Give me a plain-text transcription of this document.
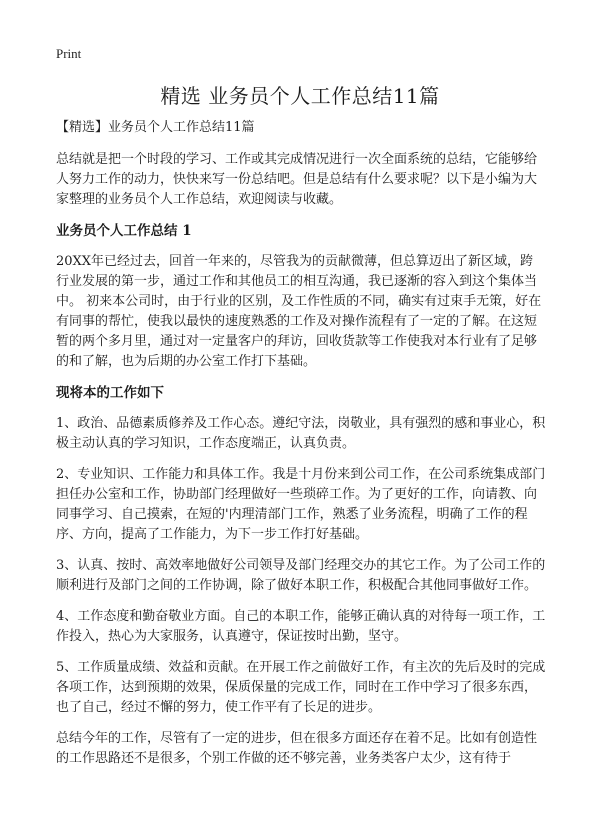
Print
精选 业务员个人工作总结11篇

【精选】业务员个人工作总结11篇

总结就是把一个时段的学习、工作或其完成情况进行一次全面系统的总结，它能够给人努力工作的动力，快快来写一份总结吧。但是总结有什么要求呢？以下是小编为大家整理的业务员个人工作总结，欢迎阅读与收藏。

业务员个人工作总结 1

20XX年已经过去，回首一年来的，尽管我为的贡献微薄，但总算迈出了新区域，跨行业发展的第一步，通过工作和其他员工的相互沟通，我已逐渐的容入到这个集体当中。 初来本公司时，由于行业的区别，及工作性质的不同，确实有过束手无策，好在有同事的帮忙，使我以最快的速度熟悉的工作及对操作流程有了一定的了解。在这短暂的两个多月里，通过对一定量客户的拜访，回收货款等工作使我对本行业有了足够的和了解，也为后期的办公室工作打下基础。

现将本的工作如下

1、政治、品德素质修养及工作心态。遵纪守法，岗敬业，具有强烈的感和事业心，积极主动认真的学习知识，工作态度端正，认真负责。

2、专业知识、工作能力和具体工作。我是十月份来到公司工作，在公司系统集成部门担任办公室和工作，协助部门经理做好一些琐碎工作。为了更好的工作，向请教、向同事学习、自己摸索，在短的'内理清部门工作，熟悉了业务流程，明确了工作的程序、方向，提高了工作能力，为下一步工作打好基础。

3、认真、按时、高效率地做好公司领导及部门经理交办的其它工作。为了公司工作的顺利进行及部门之间的工作协调，除了做好本职工作，积极配合其他同事做好工作。

4、工作态度和勤奋敬业方面。自己的本职工作，能够正确认真的对待每一项工作，工作投入，热心为大家服务，认真遵守，保证按时出勤，坚守。

5、工作质量成绩、效益和贡献。在开展工作之前做好工作，有主次的先后及时的完成各项工作，达到预期的效果，保质保量的完成工作，同时在工作中学习了很多东西，也了自己，经过不懈的努力，使工作平有了长足的进步。

总结今年的工作，尽管有了一定的进步，但在很多方面还存在着不足。比如有创造性的工作思路还不是很多，个别工作做的还不够完善，业务类客户太少，这有待于
